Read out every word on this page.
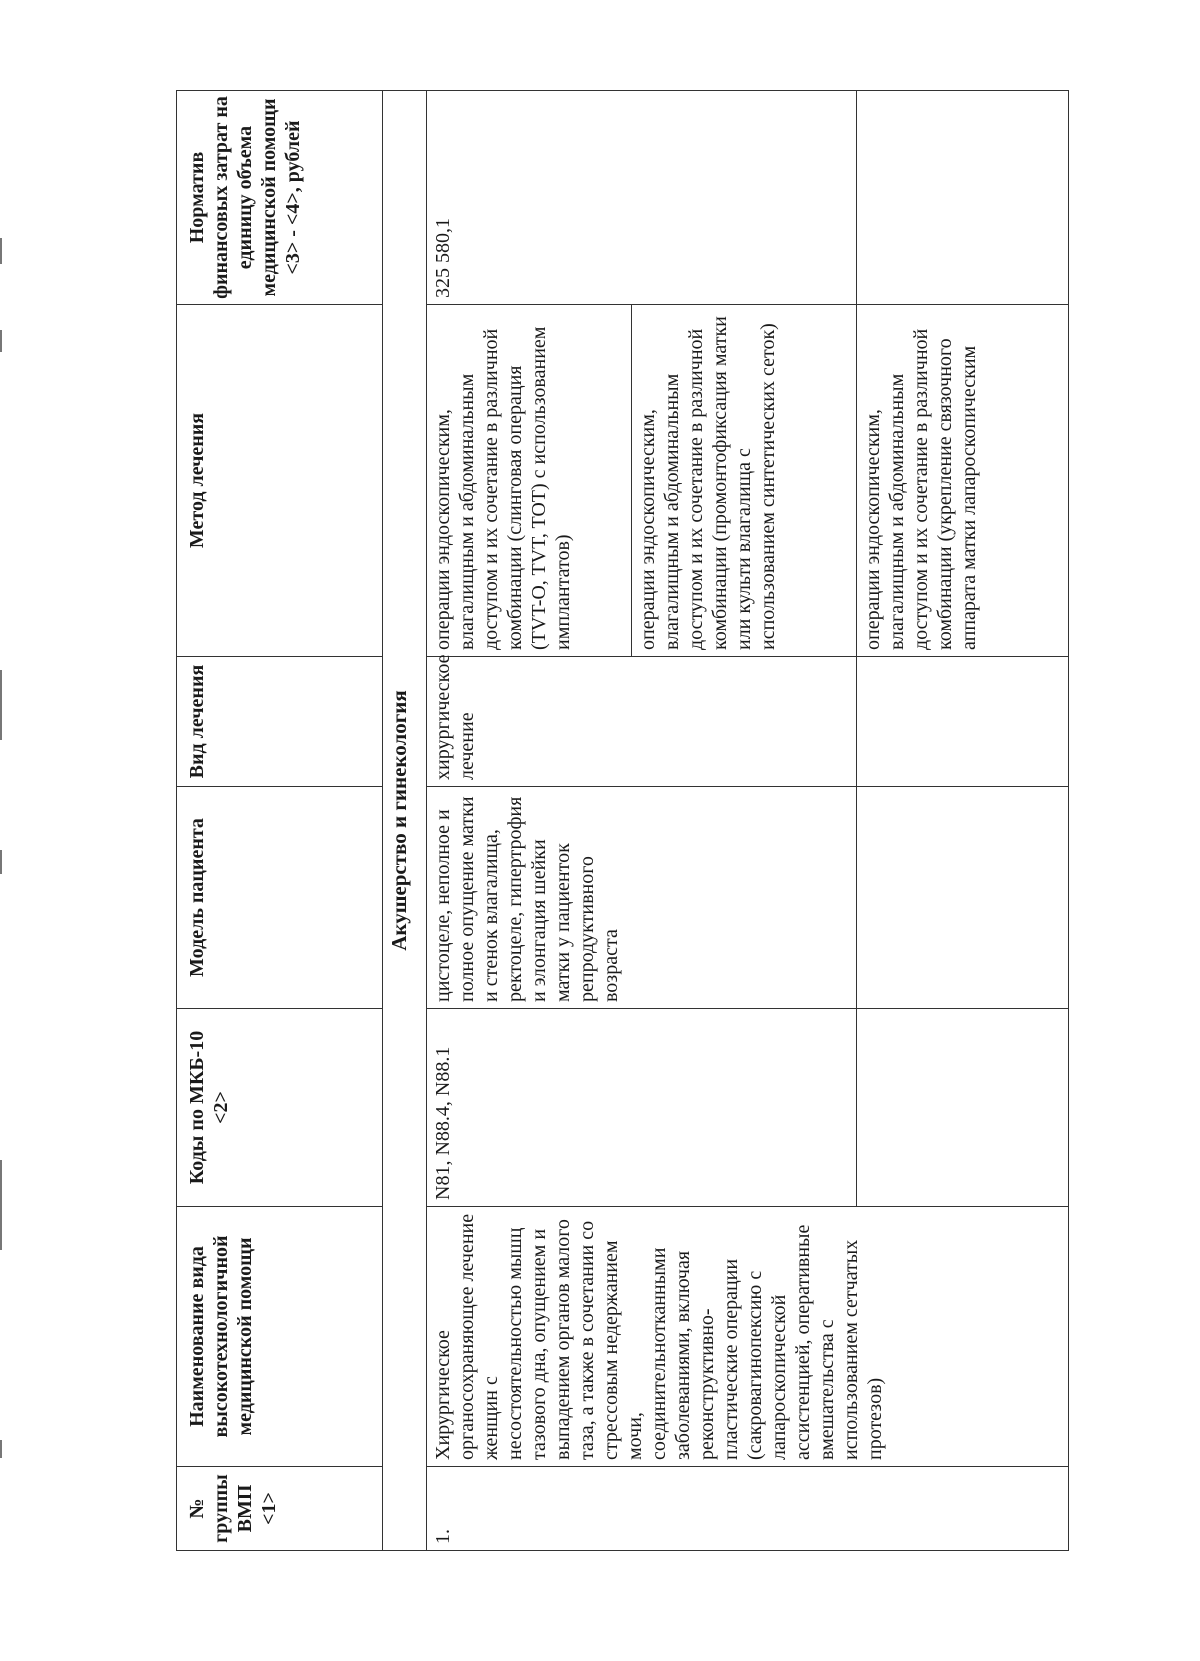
№ группы ВМП <1>	Наименование вида высокотехнологичной медицинской помощи	Коды по МКБ-10 <2>	Модель пациента	Вид лечения	Метод лечения	Норматив финансовых затрат на единицу объема медицинской помощи <3> - <4>, рублей
Акушерство и гинекология						
1.	Хирургическое органосохраняющее лечение женщин с несостоятельностью мышц тазового дна, опущением и выпадением органов малого таза, а также в сочетании со стрессовым недержанием мочи, соединительнотканными заболеваниями, включая реконструктивно-пластические операции (сакровагинопексию с лапароскопической ассистенцией, оперативные вмешательства с использованием сетчатых протезов)	N81, N88.4, N88.1	цистоцеле, неполное и полное опущение матки и стенок влагалища, ректоцеле, гипертрофия и элонгация шейки матки у пациенток репродуктивного возраста	хирургическое лечение	операции эндоскопическим, влагалищным и абдоминальным доступом и их сочетание в различной комбинации (слинговая операция (TVT-O, TVT, TOT) с использованием имплантатов)	325 580,1
					операции эндоскопическим, влагалищным и абдоминальным доступом и их сочетание в различной комбинации (промонтофиксация матки или культи влагалища с использованием синтетических сеток)	
					операции эндоскопическим, влагалищным и абдоминальным доступом и их сочетание в различной комбинации (укрепление связочного аппарата матки лапароскопическим	
